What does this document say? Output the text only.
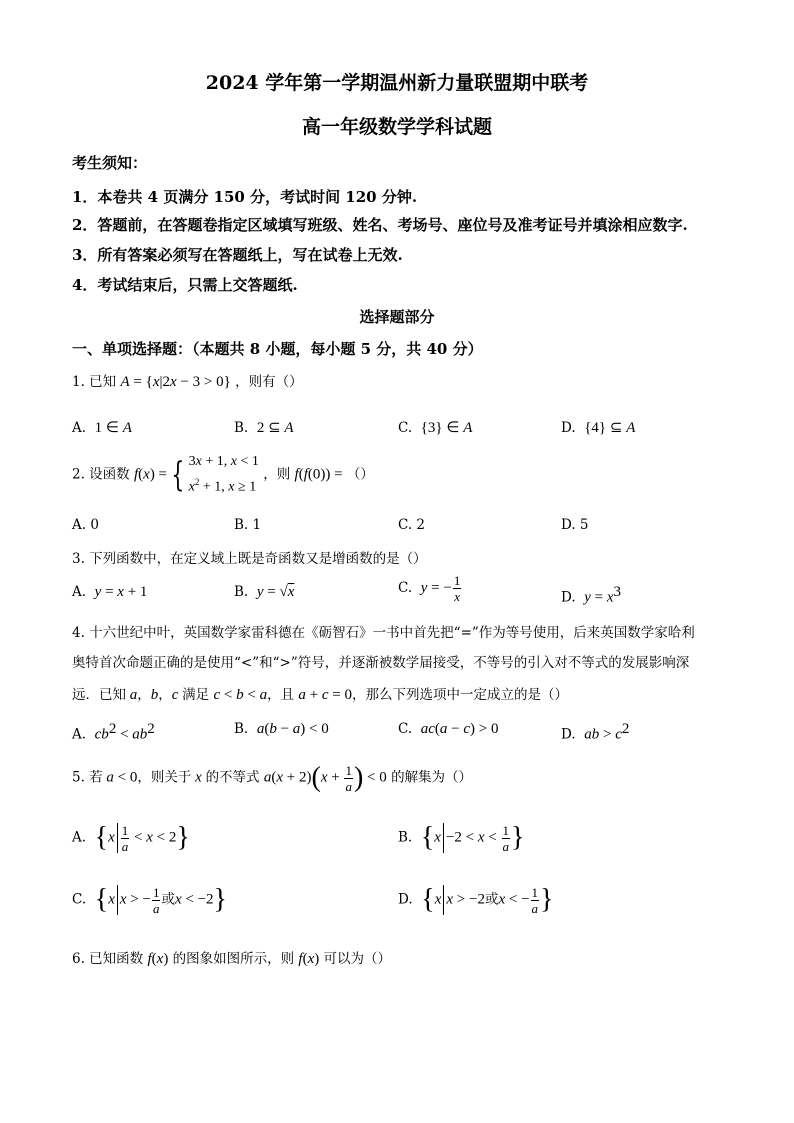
2024 学年第一学期温州新力量联盟期中联考
高一年级数学学科试题
考生须知：
1．本卷共 4 页满分 150 分，考试时间 120 分钟.
2．答题前，在答题卷指定区域填写班级、姓名、考场号、座位号及准考证号并填涂相应数字.
3．所有答案必须写在答题纸上，写在试卷上无效.
4．考试结束后，只需上交答题纸.
选择题部分
一、单项选择题：（本题共 8 小题，每小题 5 分，共 40 分）
1. 已知 A = {x|2x − 3 > 0} ，则有（）
A. 1 ∈ A	B. 2 ⊆ A	C. {3} ∈ A	D. {4} ⊆ A
2. 设函数 f(x) = { 3x + 1, x < 1
$x^2 + 1$, x ≥ 1
，则 f(f(0)) = （）
A. 0	B. 1	C. 2	D. 5
3. 下列函数中，在定义域上既是奇函数又是增函数的是（）
A. y = x + 1	B. y = √x	C. y = − $\frac{1}{x}$	D. $y = x^3$
4. 十六世纪中叶，英国数学家雷科德在《砺智石》一书中首先把“=”作为等号使用，后来英国数学家哈利
奥特首次命题正确的是使用“<”和“>”符号，并逐渐被数学届接受，不等号的引入对不等式的发展影响深
远．已知 a，b，c 满足 c < b < a，且 a + c = 0，那么下列选项中一定成立的是（）
A. $cb^2 < ab^2$	B. a(b − a) < 0	C. ac(a − c) > 0	D. ab > $c^2$
5. 若 a < 0，则关于 x 的不等式 $a(x + 2)(x + \frac{1}{a}$ ) < 0 的解集为（）
A. $\{x \frac{1}{a} < x < 2\}$	B. {$x -2 < x < \frac{1}{a}$ }
C. {x x > − $\frac{1}{a}$ 或x < −2}	D. {x x > −2或x < − $\frac{1}{a}$ }
6. 已知函数 f(x) 的图象如图所示，则 f(x) 可以为（）
